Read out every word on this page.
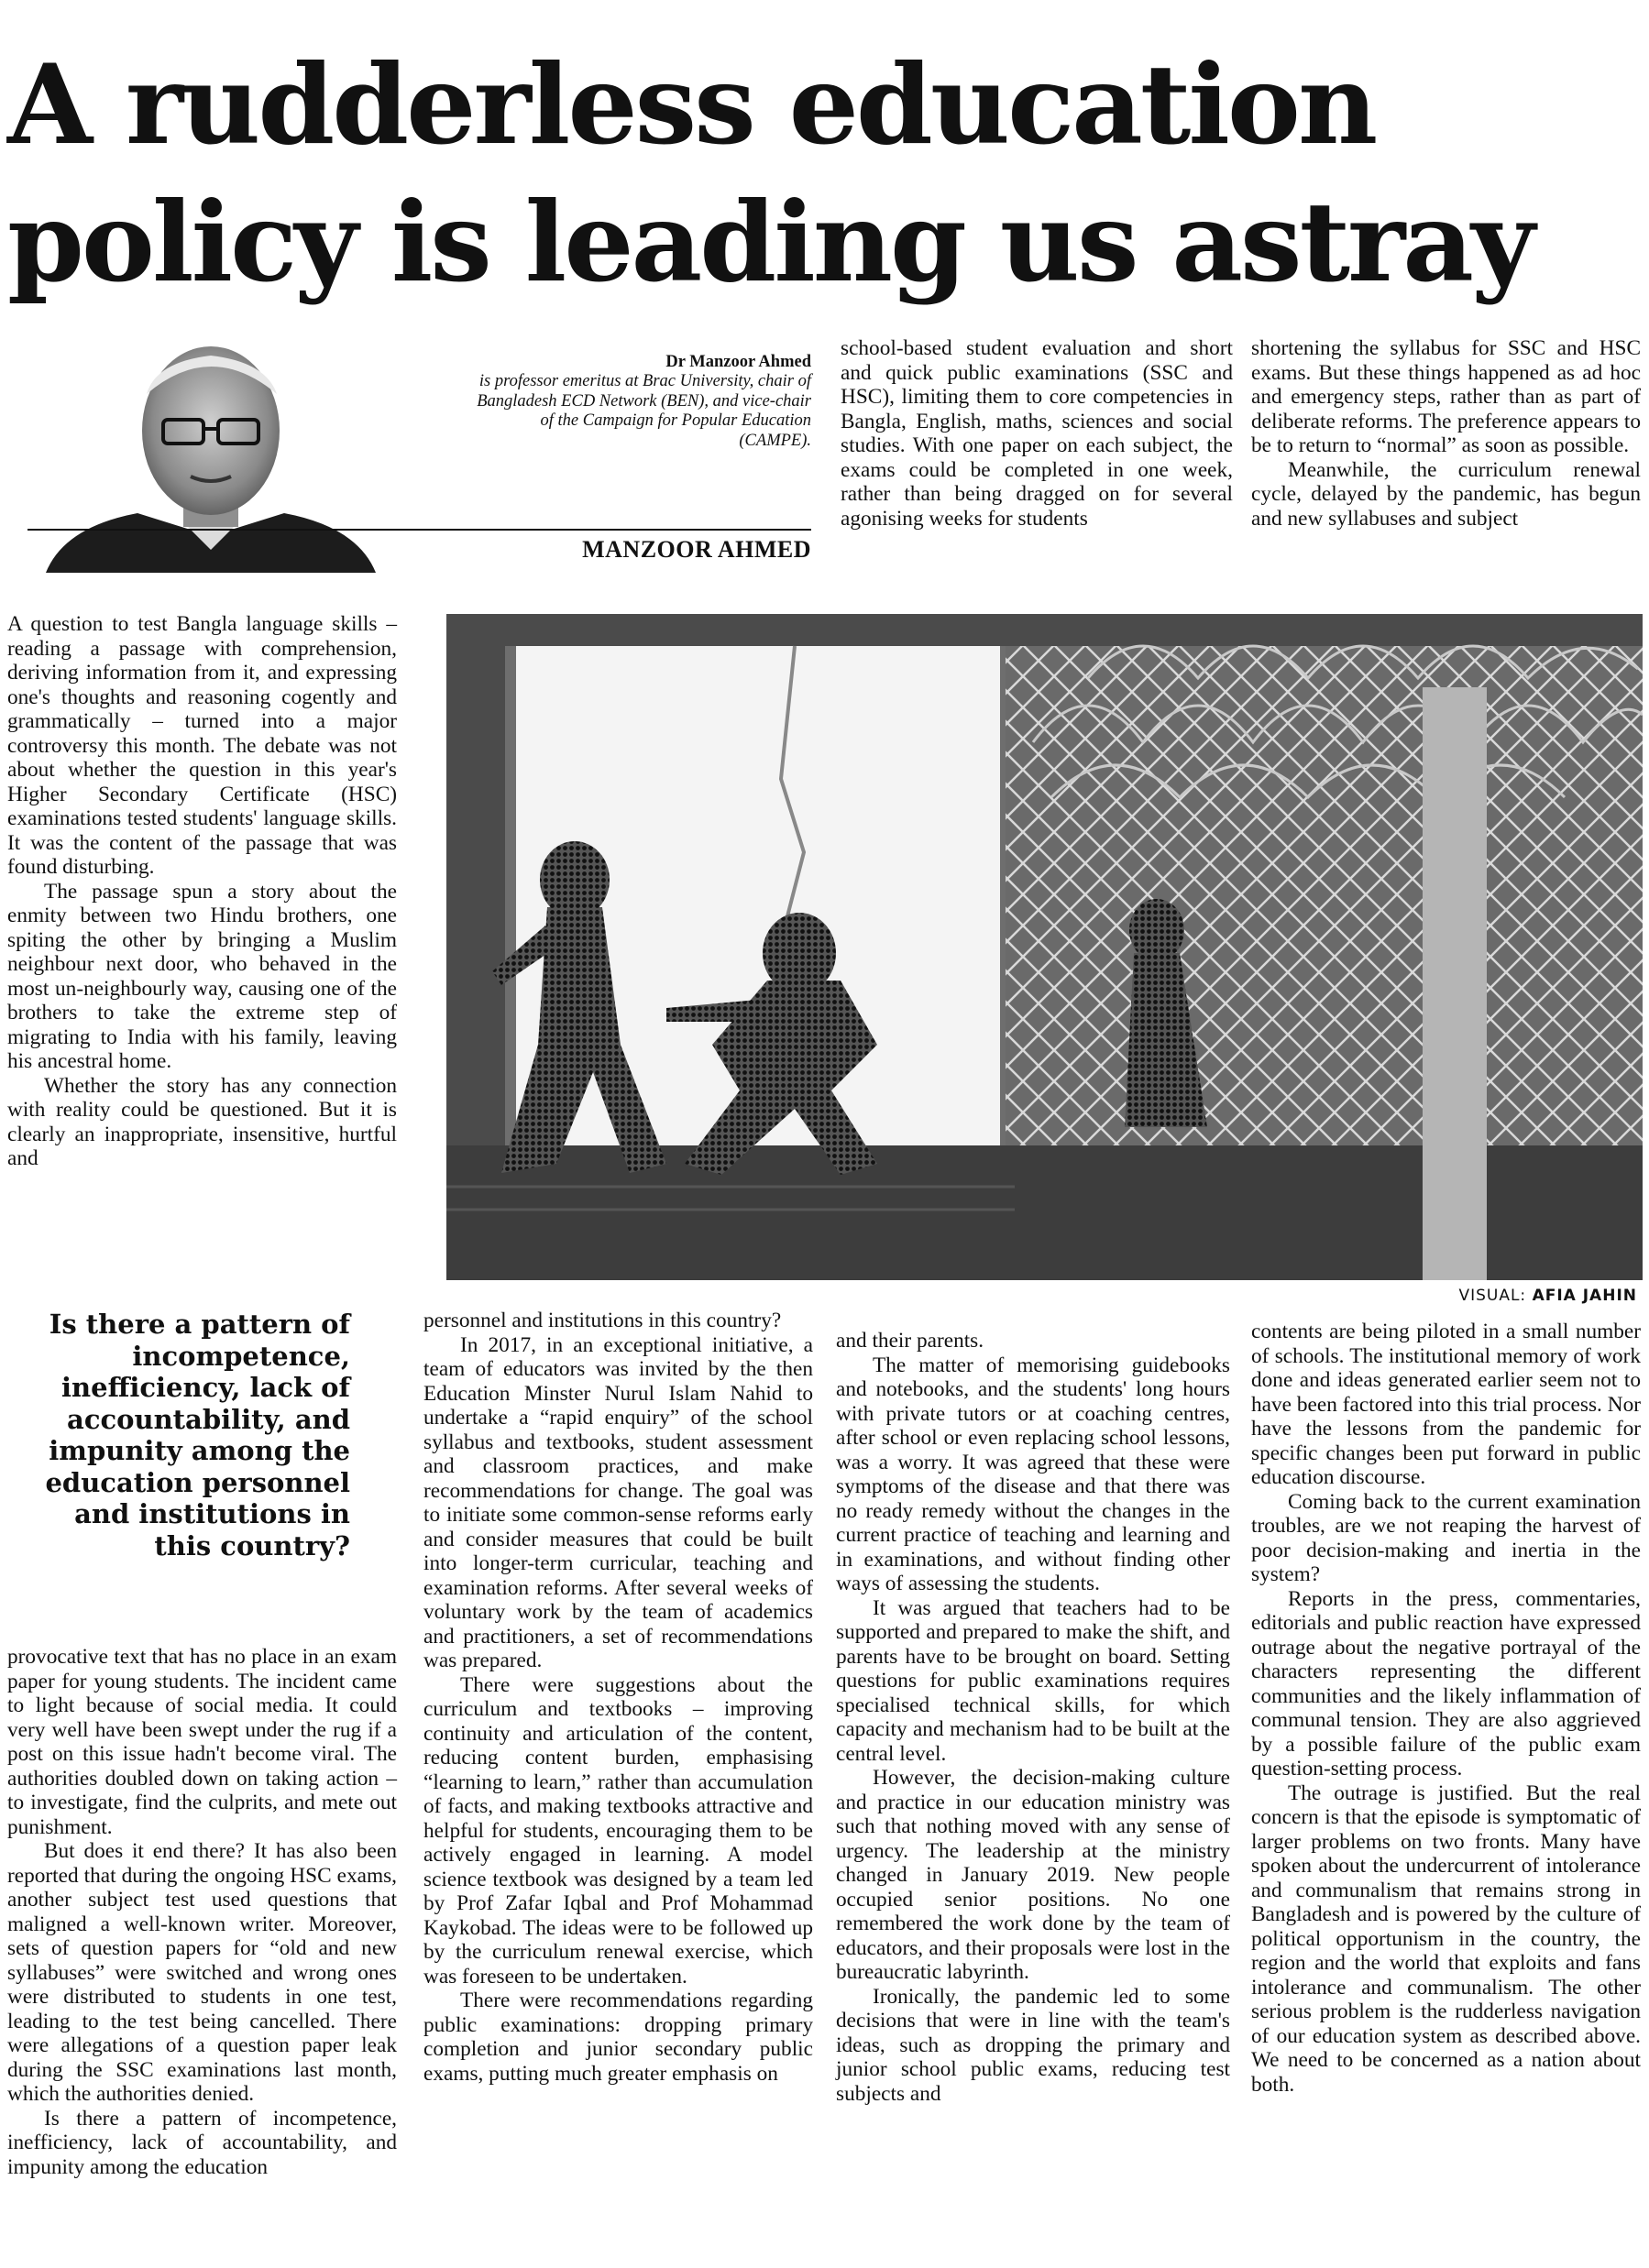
A rudderless education policy is leading us astray
Dr Manzoor Ahmed
is professor emeritus at Brac University, chair of Bangladesh ECD Network (BEN), and vice-chair of the Campaign for Popular Education (CAMPE).
MANZOOR AHMED

school-based student evaluation and short and quick public examinations (SSC and HSC), limiting them to core competencies in Bangla, English, maths, sciences and social studies. With one paper on each subject, the exams could be completed in one week, rather than being dragged on for several agonising weeks for students

shortening the syllabus for SSC and HSC exams. But these things happened as ad hoc and emergency steps, rather than as part of deliberate reforms. The preference appears to be to return to “normal” as soon as possible.

Meanwhile, the curriculum renewal cycle, delayed by the pandemic, has begun and new syllabuses and subject

A question to test Bangla language skills – reading a passage with comprehension, deriving information from it, and expressing one's thoughts and reasoning cogently and grammatically – turned into a major controversy this month. The debate was not about whether the question in this year's Higher Secondary Certificate (HSC) examinations tested students' language skills. It was the content of the passage that was found disturbing.

The passage spun a story about the enmity between two Hindu brothers, one spiting the other by bringing a Muslim neighbour next door, who behaved in the most un-neighbourly way, causing one of the brothers to take the extreme step of migrating to India with his family, leaving his ancestral home.

Whether the story has any connection with reality could be questioned. But it is clearly an inappropriate, insensitive, hurtful and

VISUAL: AFIA JAHIN
Is there a pattern of incompetence, inefficiency, lack of accountability, and impunity among the education personnel and institutions in this country?

provocative text that has no place in an exam paper for young students. The incident came to light because of social media. It could very well have been swept under the rug if a post on this issue hadn't become viral. The authorities doubled down on taking action – to investigate, find the culprits, and mete out punishment.

But does it end there? It has also been reported that during the ongoing HSC exams, another subject test used questions that maligned a well-known writer. Moreover, sets of question papers for “old and new syllabuses” were switched and wrong ones were distributed to students in one test, leading to the test being cancelled. There were allegations of a question paper leak during the SSC examinations last month, which the authorities denied.

Is there a pattern of incompetence, inefficiency, lack of accountability, and impunity among the education

personnel and institutions in this country?

In 2017, in an exceptional initiative, a team of educators was invited by the then Education Minster Nurul Islam Nahid to undertake a “rapid enquiry” of the school syllabus and textbooks, student assessment and classroom practices, and make recommendations for change. The goal was to initiate some common-sense reforms early and consider measures that could be built into longer-term curricular, teaching and examination reforms. After several weeks of voluntary work by the team of academics and practitioners, a set of recommendations was prepared.

There were suggestions about the curriculum and textbooks – improving continuity and articulation of the content, reducing content burden, emphasising “learning to learn,” rather than accumulation of facts, and making textbooks attractive and helpful for students, encouraging them to be actively engaged in learning. A model science textbook was designed by a team led by Prof Zafar Iqbal and Prof Mohammad Kaykobad. The ideas were to be followed up by the curriculum renewal exercise, which was foreseen to be undertaken.

There were recommendations regarding public examinations: dropping primary completion and junior secondary public exams, putting much greater emphasis on

and their parents.

The matter of memorising guidebooks and notebooks, and the students' long hours with private tutors or at coaching centres, after school or even replacing school lessons, was a worry. It was agreed that these were symptoms of the disease and that there was no ready remedy without the changes in the current practice of teaching and learning and in examinations, and without finding other ways of assessing the students.

It was argued that teachers had to be supported and prepared to make the shift, and parents have to be brought on board. Setting questions for public examinations requires specialised technical skills, for which capacity and mechanism had to be built at the central level.

However, the decision-making culture and practice in our education ministry was such that nothing moved with any sense of urgency. The leadership at the ministry changed in January 2019. New people occupied senior positions. No one remembered the work done by the team of educators, and their proposals were lost in the bureaucratic labyrinth.

Ironically, the pandemic led to some decisions that were in line with the team's ideas, such as dropping the primary and junior school public exams, reducing test subjects and

contents are being piloted in a small number of schools. The institutional memory of work done and ideas generated earlier seem not to have been factored into this trial process. Nor have the lessons from the pandemic for specific changes been put forward in public education discourse.

Coming back to the current examination troubles, are we not reaping the harvest of poor decision-making and inertia in the system?

Reports in the press, commentaries, editorials and public reaction have expressed outrage about the negative portrayal of the characters representing the different communities and the likely inflammation of communal tension. They are also aggrieved by a possible failure of the public exam question-setting process.

The outrage is justified. But the real concern is that the episode is symptomatic of larger problems on two fronts. Many have spoken about the undercurrent of intolerance and communalism that remains strong in Bangladesh and is powered by the culture of political opportunism in the country, the region and the world that exploits and fans intolerance and communalism. The other serious problem is the rudderless navigation of our education system as described above. We need to be concerned as a nation about both.
